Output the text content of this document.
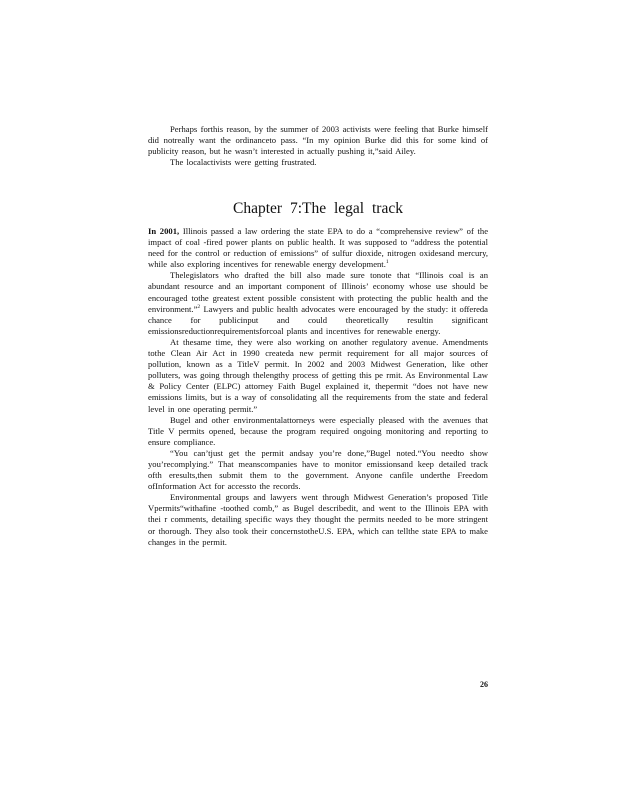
Perhaps forthis reason, by the summer of 2003 activists were feeling that Burke himself did notreally want the ordinanceto pass. “In my opinion Burke did this for some kind of publicity reason, but he wasn’t interested in actually pushing it,”said Ailey.

The localactivists were getting frustrated.

Chapter 7:The legal track

In 2001, Illinois passed a law ordering the state EPA to do a “comprehensive review” of the impact of coal -fired power plants on public health. It was supposed to “address the potential need for the control or reduction of emissions” of sulfur dioxide, nitrogen oxidesand mercury, while also exploring incentives for renewable energy development.$^1$

Thelegislators who drafted the bill also made sure tonote that “Illinois coal is an abundant resource and an important component of Illinois’ economy whose use should be encouraged tothe greatest extent possible consistent with protecting the public health and the environment.”$^2$ Lawyers and public health advocates were encouraged by the study: it offereda chance for publicinput and could theoretically resultin significant emissionsreductionrequirementsforcoal plants and incentives for renewable energy.

At thesame time, they were also working on another regulatory avenue. Amendments tothe Clean Air Act in 1990 createda new permit requirement for all major sources of pollution, known as a TitleV permit. In 2002 and 2003 Midwest Generation, like other polluters, was going through thelengthy process of getting this pe rmit. As Environmental Law & Policy Center (ELPC) attorney Faith Bugel explained it, thepermit “does not have new emissions limits, but is a way of consolidating all the requirements from the state and federal level in one operating permit.”

Bugel and other environmentalattorneys were especially pleased with the avenues that Title V permits opened, because the program required ongoing monitoring and reporting to ensure compliance.

“You can’tjust get the permit andsay you’re done,”Bugel noted.“You needto show you’recomplying.” That meanscompanies have to monitor emissionsand keep detailed track ofth eresults,then submit them to the government. Anyone canfile underthe Freedom ofInformation Act for accessto the records.

Environmental groups and lawyers went through Midwest Generation’s proposed Title Vpermits“withafine -toothed comb,” as Bugel describedit, and went to the Illinois EPA with thei r comments, detailing specific ways they thought the permits needed to be more stringent or thorough. They also took their concernstotheU.S. EPA, which can tellthe state EPA to make changes in the permit.

26
